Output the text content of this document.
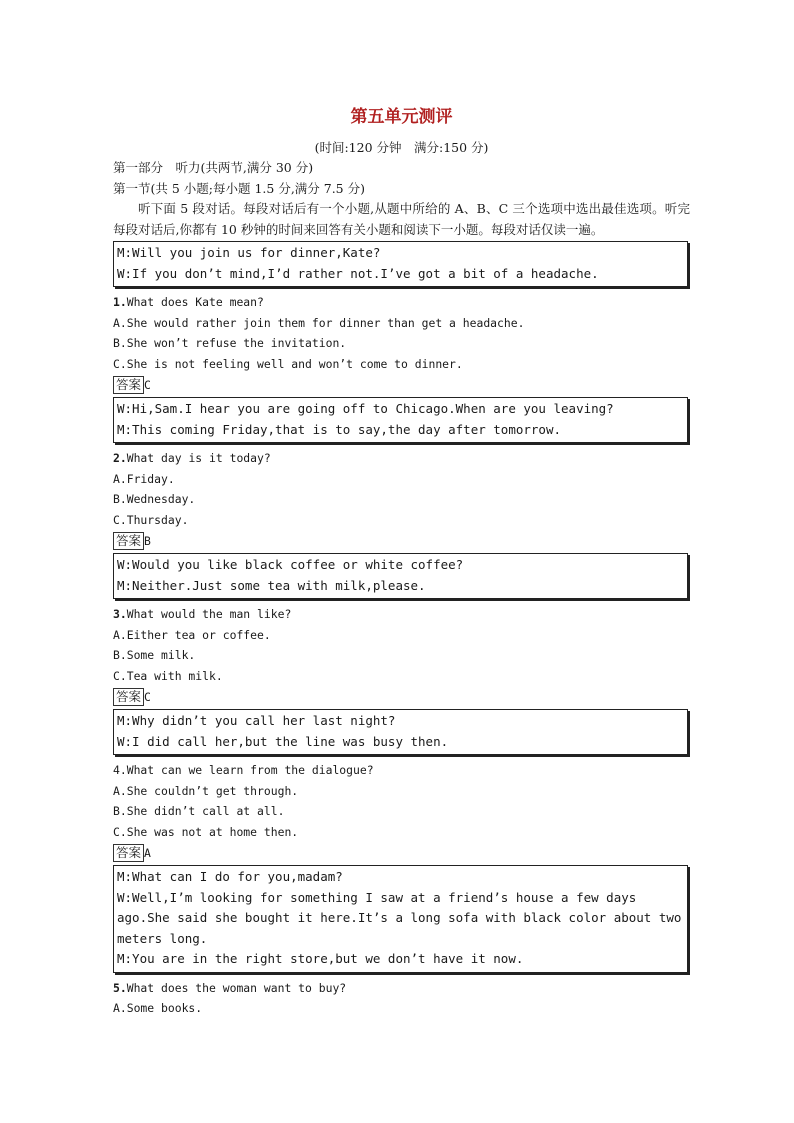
第五单元测评
(时间:120 分钟　满分:150 分)
第一部分　听力(共两节,满分 30 分)
第一节(共 5 小题;每小题 1.5 分,满分 7.5 分)

听下面 5 段对话。每段对话后有一个小题,从题中所给的 A、B、C 三个选项中选出最佳选项。听完每段对话后,你都有 10 秒钟的时间来回答有关小题和阅读下一小题。每段对话仅读一遍。

M:Will you join us for dinner,Kate?
W:If you don’t mind,I’d rather not.I’ve got a bit of a headache.
1.What does Kate mean?
A.She would rather join them for dinner than get a headache.
B.She won’t refuse the invitation.
C.She is not feeling well and won’t come to dinner.
答案 C
W:Hi,Sam.I hear you are going off to Chicago.When are you leaving?
M:This coming Friday,that is to say,the day after tomorrow.
2.What day is it today?
A.Friday.
B.Wednesday.
C.Thursday.
答案 B
W:Would you like black coffee or white coffee?
M:Neither.Just some tea with milk,please.
3.What would the man like?
A.Either tea or coffee.
B.Some milk.
C.Tea with milk.
答案 C
M:Why didn’t you call her last night?
W:I did call her,but the line was busy then.
4.What can we learn from the dialogue?
A.She couldn’t get through.
B.She didn’t call at all.
C.She was not at home then.
答案 A
M:What can I do for you,madam?
W:Well,I’m looking for something I saw at a friend’s house a few days ago.She said she bought it here.It’s a long sofa with black color about two meters long.
M:You are in the right store,but we don’t have it now.
5.What does the woman want to buy?
A.Some books.
